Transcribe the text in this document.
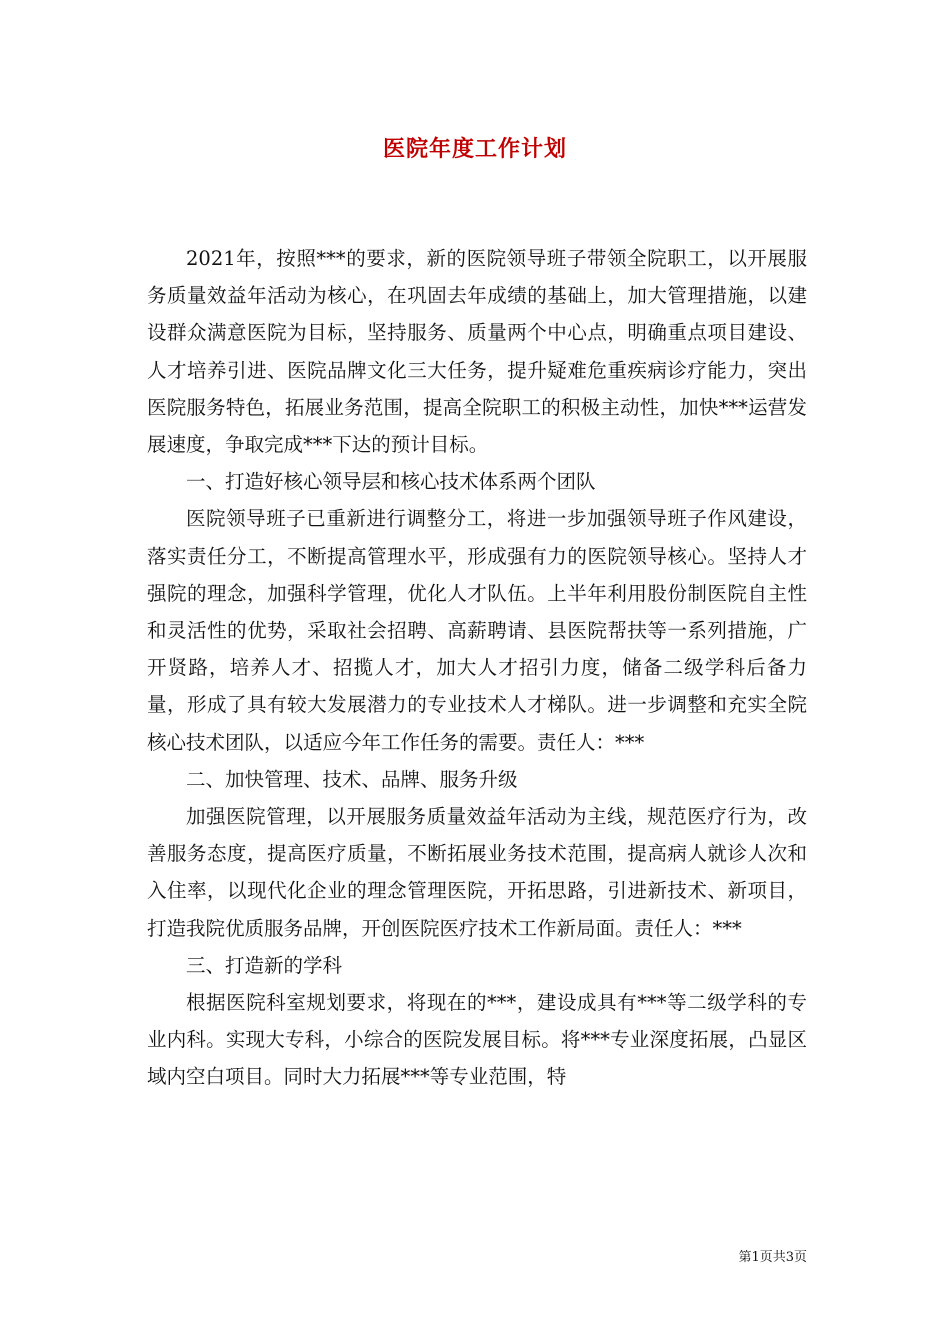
医院年度工作计划

2021年，按照***的要求，新的医院领导班子带领全院职工，以开展服务质量效益年活动为核心，在巩固去年成绩的基础上，加大管理措施，以建设群众满意医院为目标，坚持服务、质量两个中心点，明确重点项目建设、人才培养引进、医院品牌文化三大任务，提升疑难危重疾病诊疗能力，突出医院服务特色，拓展业务范围，提高全院职工的积极主动性，加快***运营发展速度，争取完成***下达的预计目标。

一、打造好核心领导层和核心技术体系两个团队

医院领导班子已重新进行调整分工，将进一步加强领导班子作风建设，落实责任分工，不断提高管理水平，形成强有力的医院领导核心。坚持人才强院的理念，加强科学管理，优化人才队伍。上半年利用股份制医院自主性和灵活性的优势，采取社会招聘、高薪聘请、县医院帮扶等一系列措施，广开贤路，培养人才、招揽人才，加大人才招引力度，储备二级学科后备力量，形成了具有较大发展潜力的专业技术人才梯队。进一步调整和充实全院核心技术团队，以适应今年工作任务的需要。责任人：***

二、加快管理、技术、品牌、服务升级

加强医院管理，以开展服务质量效益年活动为主线，规范医疗行为，改善服务态度，提高医疗质量，不断拓展业务技术范围，提高病人就诊人次和入住率，以现代化企业的理念管理医院，开拓思路，引进新技术、新项目，打造我院优质服务品牌，开创医院医疗技术工作新局面。责任人：***

三、打造新的学科

根据医院科室规划要求，将现在的***，建设成具有***等二级学科的专业内科。实现大专科，小综合的医院发展目标。将***专业深度拓展，凸显区域内空白项目。同时大力拓展***等专业范围，特

第1页共3页
